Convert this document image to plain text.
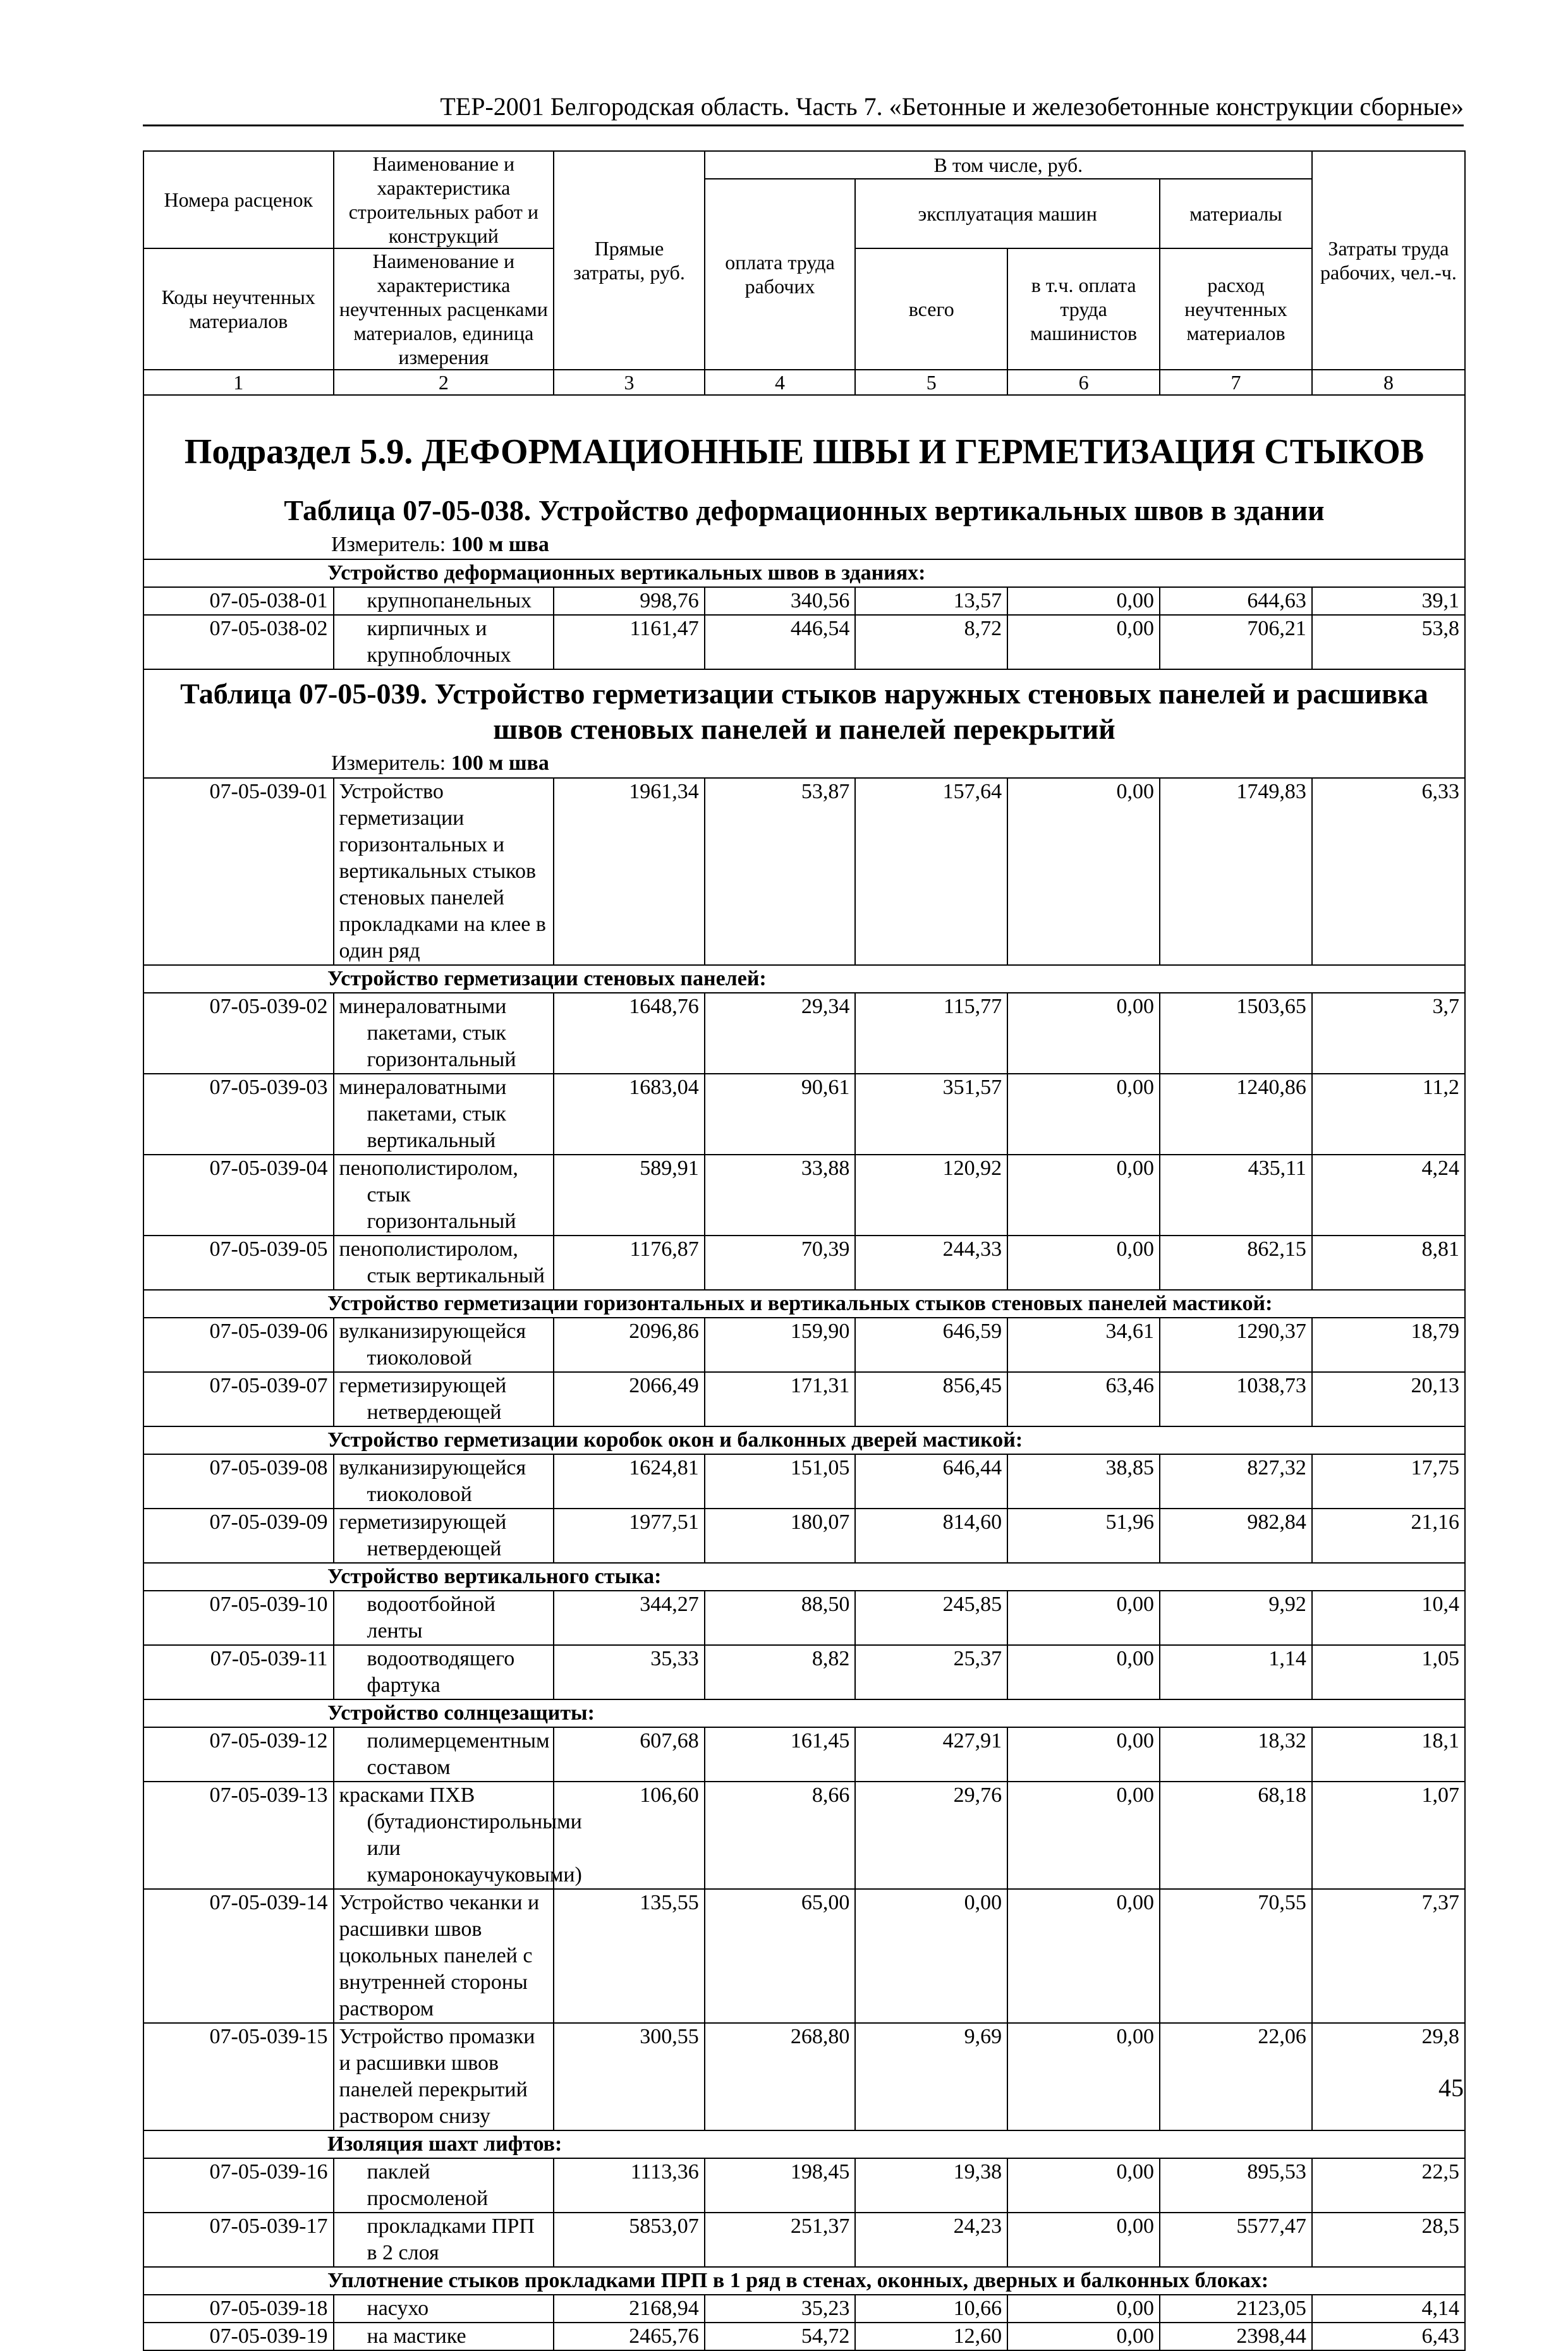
ТЕР-2001 Белгородская область. Часть 7. «Бетонные и железобетонные конструкции сборные»
Номера расценок	Наименование и характеристика строительных работ и конструкций	Прямые затраты, руб.	В том числе, руб.				Затраты труда рабочих, чел.-ч.
			оплата труда рабочих	эксплуатация машин		материалы	
Коды неучтенных материалов	Наименование и характеристика неучтенных расценками материалов, единица измерения			всего	в т.ч. оплата труда машинистов	расход неучтенных материалов	

1	2	3	4	5	6	7	8

Подраздел 5.9. ДЕФОРМАЦИОННЫЕ ШВЫ И ГЕРМЕТИЗАЦИЯ СТЫКОВ							

Таблица 07-05-038. Устройство деформационных вертикальных швов в здании
Измеритель: 100 м шва							

Устройство деформационных вертикальных швов в зданиях:							
07-05-038-01	крупнопанельных	998,76	340,56	13,57	0,00	644,63	39,1
07-05-038-02	кирпичных и крупноблочных	1161,47	446,54	8,72	0,00	706,21	53,8

Таблица 07-05-039. Устройство герметизации стыков наружных стеновых панелей и расшивка швов стеновых панелей и панелей перекрытий
Измеритель: 100 м шва							

07-05-039-01	Устройство герметизации горизонтальных и вертикальных стыков стеновых панелей прокладками на клее в один ряд	1961,34	53,87	157,64	0,00	1749,83	6,33
Устройство герметизации стеновых панелей:							
07-05-039-02	минераловатными пакетами, стык горизонтальный	1648,76	29,34	115,77	0,00	1503,65	3,7
07-05-039-03	минераловатными пакетами, стык вертикальный	1683,04	90,61	351,57	0,00	1240,86	11,2
07-05-039-04	пенополистиролом, стык горизонтальный	589,91	33,88	120,92	0,00	435,11	4,24
07-05-039-05	пенополистиролом, стык вертикальный	1176,87	70,39	244,33	0,00	862,15	8,81
Устройство герметизации горизонтальных и вертикальных стыков стеновых панелей мастикой:							
07-05-039-06	вулканизирующейся тиоколовой	2096,86	159,90	646,59	34,61	1290,37	18,79
07-05-039-07	герметизирующей нетвердеющей	2066,49	171,31	856,45	63,46	1038,73	20,13
Устройство герметизации коробок окон и балконных дверей мастикой:							
07-05-039-08	вулканизирующейся тиоколовой	1624,81	151,05	646,44	38,85	827,32	17,75
07-05-039-09	герметизирующей нетвердеющей	1977,51	180,07	814,60	51,96	982,84	21,16
Устройство вертикального стыка:							
07-05-039-10	водоотбойной ленты	344,27	88,50	245,85	0,00	9,92	10,4
07-05-039-11	водоотводящего фартука	35,33	8,82	25,37	0,00	1,14	1,05
Устройство солнцезащиты:							
07-05-039-12	полимерцементным составом	607,68	161,45	427,91	0,00	18,32	18,1
07-05-039-13	красками ПХВ (бутадионстирольными или кумаронокаучуковыми)	106,60	8,66	29,76	0,00	68,18	1,07
07-05-039-14	Устройство чеканки и расшивки швов цокольных панелей с внутренней стороны раствором	135,55	65,00	0,00	0,00	70,55	7,37
07-05-039-15	Устройство промазки и расшивки швов панелей перекрытий раствором снизу	300,55	268,80	9,69	0,00	22,06	29,8
Изоляция шахт лифтов:							
07-05-039-16	паклей просмоленой	1113,36	198,45	19,38	0,00	895,53	22,5
07-05-039-17	прокладками ПРП в 2 слоя	5853,07	251,37	24,23	0,00	5577,47	28,5
Уплотнение стыков прокладками ПРП в 1 ряд в стенах, оконных, дверных и балконных блоках:							
07-05-039-18	насухо	2168,94	35,23	10,66	0,00	2123,05	4,14
07-05-039-19	на мастике	2465,76	54,72	12,60	0,00	2398,44	6,43
45
